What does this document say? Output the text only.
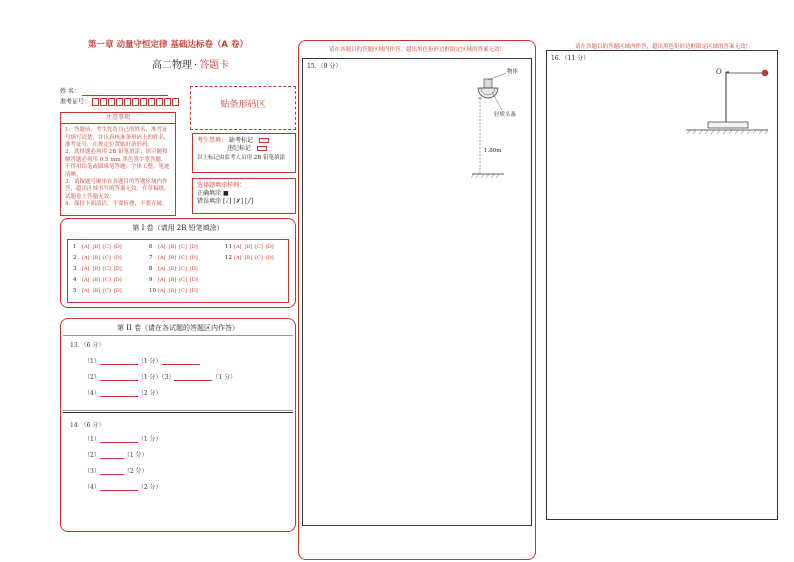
第一章 动量守恒定律 基础达标卷（A 卷）
高二物理 · 答题卡
姓 名：
准考证号：	贴条形码区
注意事项
1．答题前，考生先将自己的姓名，准考证号填写清楚，并认真核准条形码上的姓名、准考证号，在规定位置贴好条形码。
2．选择题必须用 2B 铅笔填涂；填空题和解答题必须用 0.5 mm 黑色签字笔答题，不得用铅笔或圆珠笔答题；字体工整、笔迹清晰。
3．请按题号顺序在各题目的答题区域内作答，超出区域书写的答案无效；在草稿纸、试题卷上答题无效。
4．保持卡面清洁，不要折叠、不要弄破。
考生禁填： 缺考标记
违纪标记
以上标记由监考人员用 2B 铅笔填涂
选择题填涂样例：
正确填涂 ■
错误填涂 [✓] [✗] [╱]
第 I 卷（请用 2B 铅笔填涂）
1 [A] [B] [C] [D]
2 [A] [B] [C] [D]
3 [A] [B] [C] [D]
4 [A] [B] [C] [D]
5 [A] [B] [C] [D]
6 [A] [B] [C] [D]
7 [A] [B] [C] [D]
8 [A] [B] [C] [D]
9 [A] [B] [C] [D]
10 [A] [B] [C] [D]
11 [A] [B] [C] [D]
12 [A] [B] [C] [D]
第 II 卷（请在各试题的答题区内作答）
13．（6 分）
（1）	（1 分）
（2）	（1 分）（3）	（1 分）
（4）	（2 分）
14．（6 分）
（1）	（1 分）
（2）	（1 分）
（3）	（2 分）
（4）	（2 分）
请在各题目的答题区域内作答，超出黑色矩形边框限定区域的答案无效！
15．（9 分）
物体
轻质头盔
1.80m
请在各题目的答题区域内作答，超出黑色矩形边框限定区域的答案无效！
16．（11 分）
O
